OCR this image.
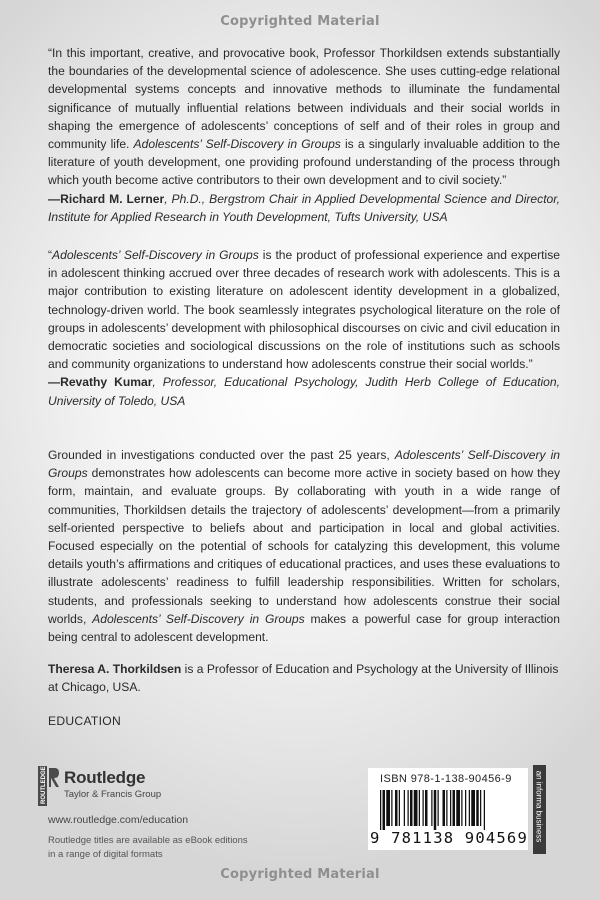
Copyrighted Material

“In this important, creative, and provocative book, Professor Thorkildsen extends substantially the boundaries of the developmental science of adolescence. She uses cutting-edge relational developmental systems concepts and innovative methods to illuminate the fundamental significance of mutually influential relations between individuals and their social worlds in shaping the emergence of adolescents’ conceptions of self and of their roles in group and community life. Adolescents’ Self-Discovery in Groups is a singularly invaluable addition to the literature of youth development, one providing profound understanding of the process through which youth become active contributors to their own development and to civil society.”

—Richard M. Lerner, Ph.D., Bergstrom Chair in Applied Developmental Science and Director, Institute for Applied Research in Youth Development, Tufts University, USA

“Adolescents’ Self-Discovery in Groups is the product of professional experience and expertise in adolescent thinking accrued over three decades of research work with adolescents. This is a major contribution to existing literature on adolescent identity development in a globalized, technology-driven world. The book seamlessly integrates psychological literature on the role of groups in adolescents’ development with philosophical discourses on civic and civil education in democratic societies and sociological discussions on the role of institutions such as schools and community organizations to understand how adolescents construe their social worlds.”

—Revathy Kumar, Professor, Educational Psychology, Judith Herb College of Education, University of Toledo, USA

Grounded in investigations conducted over the past 25 years, Adolescents’ Self-Discovery in Groups demonstrates how adolescents can become more active in society based on how they form, maintain, and evaluate groups. By collaborating with youth in a wide range of communities, Thorkildsen details the trajectory of adolescents’ development—from a primarily self-oriented perspective to beliefs about and participation in local and global activities. Focused especially on the potential of schools for catalyzing this development, this volume details youth’s affirmations and critiques of educational practices, and uses these evaluations to illustrate adolescents’ readiness to fulfill leadership responsibilities. Written for scholars, students, and professionals seeking to understand how adolescents construe their social worlds, Adolescents’ Self-Discovery in Groups makes a powerful case for group interaction being central to adolescent development.

Theresa A. Thorkildsen is a Professor of Education and Psychology at the University of Illinois at Chicago, USA.
EDUCATION
ROUTLEDGE Routledge
Taylor & Francis Group
www.routledge.com/education
Routledge titles are available as eBook editions
in a range of digital formats
ISBN 978-1-138-90456-9
9 781138 904569 an informa business
Copyrighted Material
